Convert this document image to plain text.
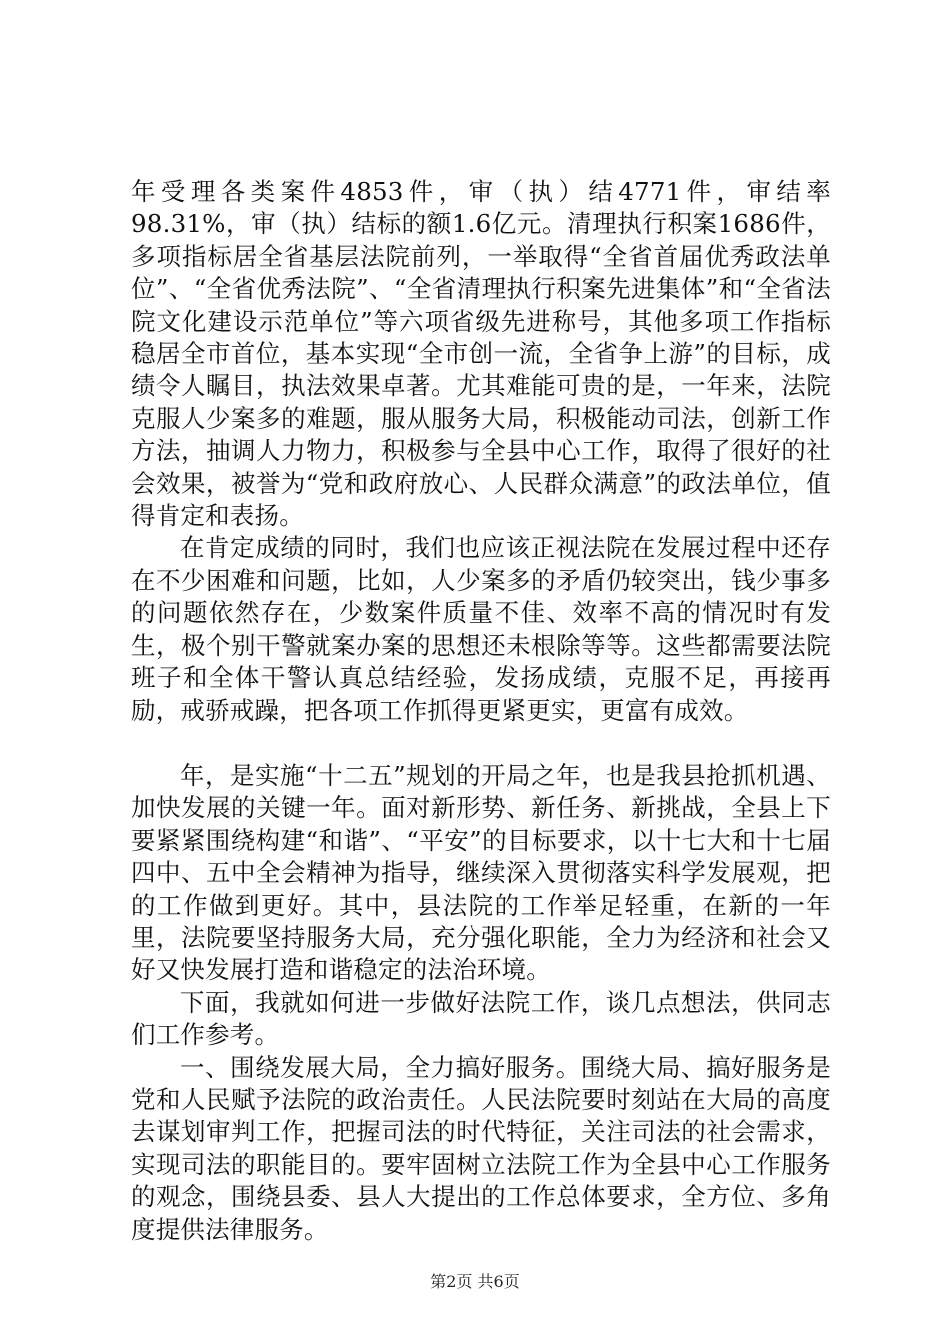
年受理各类案件4853件，审（执）结4771件，审结率98.31%，审（执）结标的额1.6亿元。清理执行积案1686件，多项指标居全省基层法院前列，一举取得“全省首届优秀政法单位”、“全省优秀法院”、“全省清理执行积案先进集体”和“全省法院文化建设示范单位”等六项省级先进称号，其他多项工作指标稳居全市首位，基本实现“全市创一流，全省争上游”的目标，成绩令人瞩目，执法效果卓著。尤其难能可贵的是，一年来，法院克服人少案多的难题，服从服务大局，积极能动司法，创新工作方法，抽调人力物力，积极参与全县中心工作，取得了很好的社会效果，被誉为“党和政府放心、人民群众满意”的政法单位，值得肯定和表扬。

在肯定成绩的同时，我们也应该正视法院在发展过程中还存在不少困难和问题，比如，人少案多的矛盾仍较突出，钱少事多的问题依然存在，少数案件质量不佳、效率不高的情况时有发生，极个别干警就案办案的思想还未根除等等。这些都需要法院班子和全体干警认真总结经验，发扬成绩，克服不足，再接再励，戒骄戒躁，把各项工作抓得更紧更实，更富有成效。

年，是实施“十二五”规划的开局之年，也是我县抢抓机遇、加快发展的关键一年。面对新形势、新任务、新挑战，全县上下要紧紧围绕构建“和谐”、“平安”的目标要求，以十七大和十七届四中、五中全会精神为指导，继续深入贯彻落实科学发展观，把的工作做到更好。其中，县法院的工作举足轻重，在新的一年里，法院要坚持服务大局，充分强化职能，全力为经济和社会又好又快发展打造和谐稳定的法治环境。

下面，我就如何进一步做好法院工作，谈几点想法，供同志们工作参考。

一、围绕发展大局，全力搞好服务。围绕大局、搞好服务是党和人民赋予法院的政治责任。人民法院要时刻站在大局的高度去谋划审判工作，把握司法的时代特征，关注司法的社会需求，实现司法的职能目的。要牢固树立法院工作为全县中心工作服务的观念，围绕县委、县人大提出的工作总体要求，全方位、多角度提供法律服务。

第2页 共6页
